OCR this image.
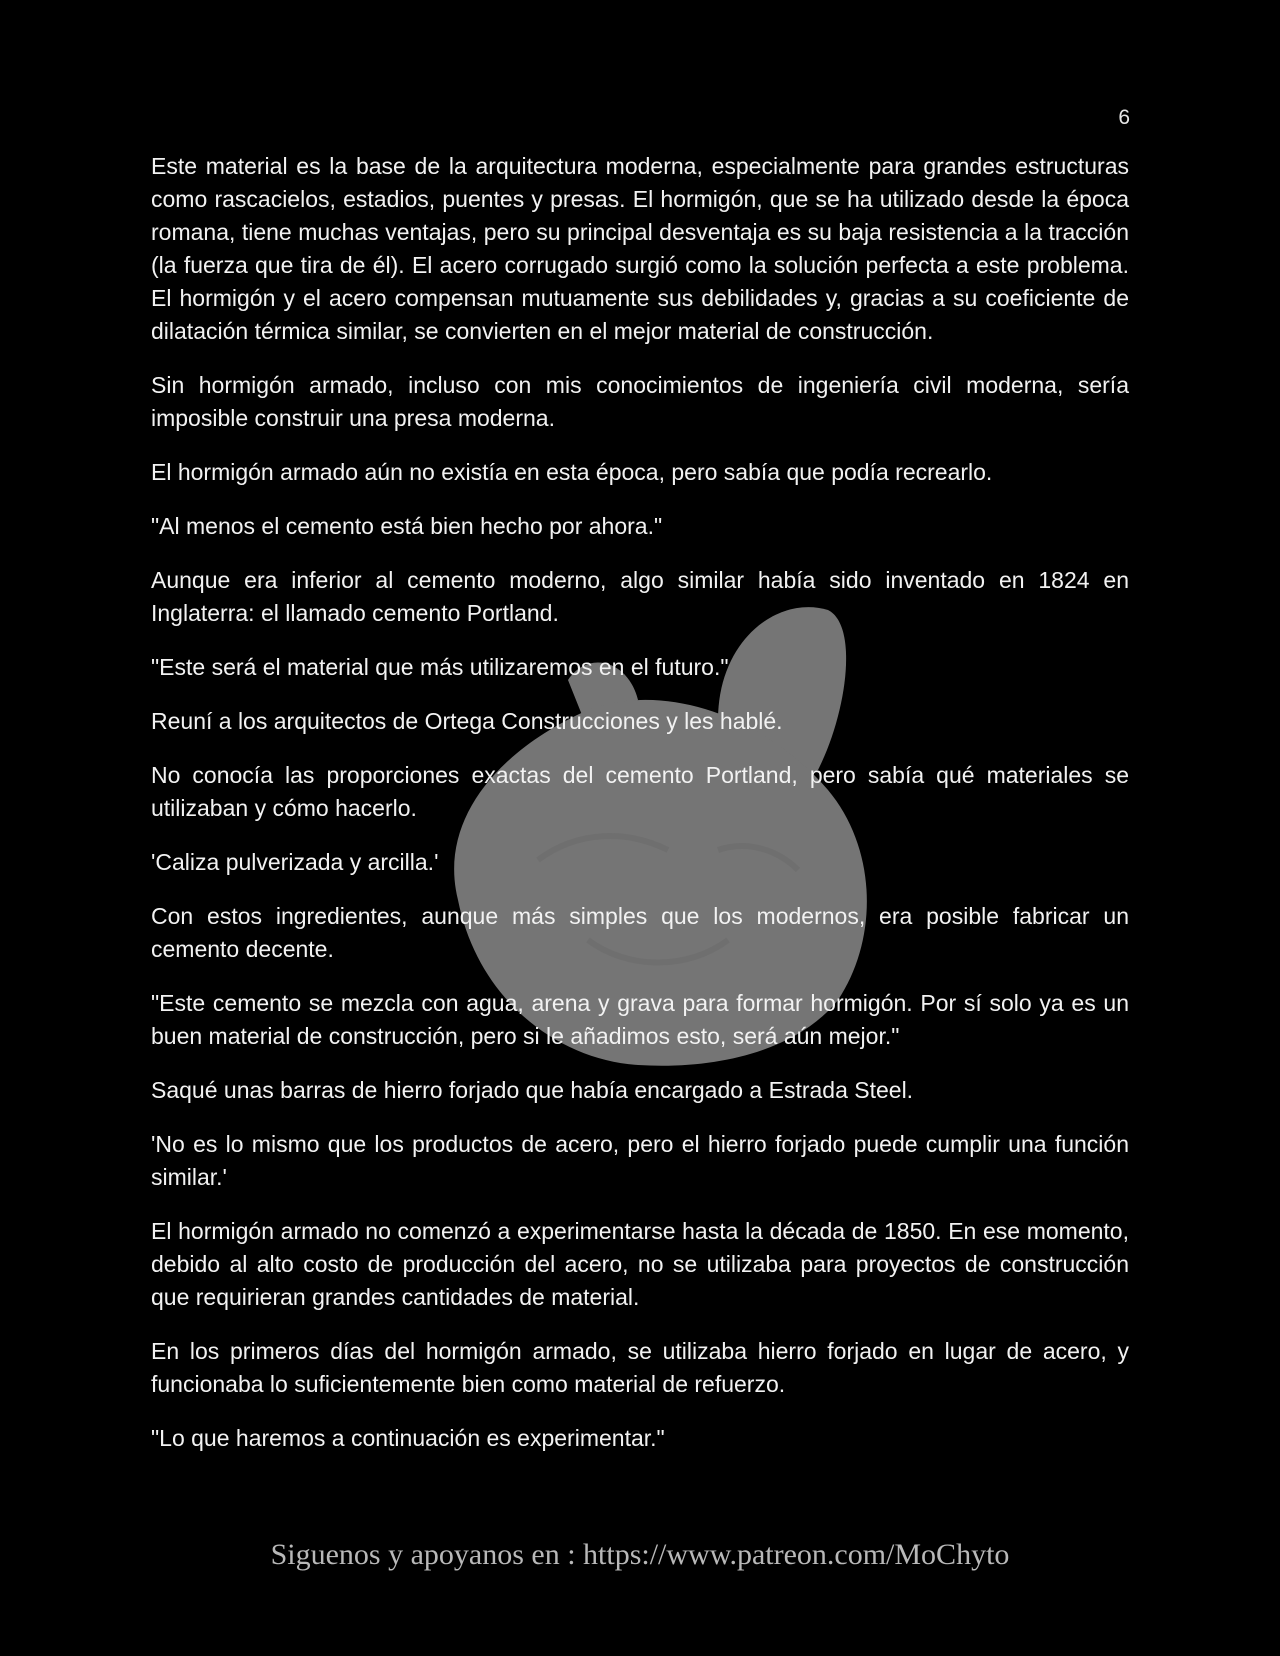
6

Este material es la base de la arquitectura moderna, especialmente para grandes estructuras como rascacielos, estadios, puentes y presas. El hormigón, que se ha utilizado desde la época romana, tiene muchas ventajas, pero su principal desventaja es su baja resistencia a la tracción (la fuerza que tira de él). El acero corrugado surgió como la solución perfecta a este problema. El hormigón y el acero compensan mutuamente sus debilidades y, gracias a su coeficiente de dilatación térmica similar, se convierten en el mejor material de construcción.

Sin hormigón armado, incluso con mis conocimientos de ingeniería civil moderna, sería imposible construir una presa moderna.

El hormigón armado aún no existía en esta época, pero sabía que podía recrearlo.

"Al menos el cemento está bien hecho por ahora."

Aunque era inferior al cemento moderno, algo similar había sido inventado en 1824 en Inglaterra: el llamado cemento Portland.

"Este será el material que más utilizaremos en el futuro."

Reuní a los arquitectos de Ortega Construcciones y les hablé.

No conocía las proporciones exactas del cemento Portland, pero sabía qué materiales se utilizaban y cómo hacerlo.

'Caliza pulverizada y arcilla.'

Con estos ingredientes, aunque más simples que los modernos, era posible fabricar un cemento decente.

"Este cemento se mezcla con agua, arena y grava para formar hormigón. Por sí solo ya es un buen material de construcción, pero si le añadimos esto, será aún mejor."

Saqué unas barras de hierro forjado que había encargado a Estrada Steel.

'No es lo mismo que los productos de acero, pero el hierro forjado puede cumplir una función similar.'

El hormigón armado no comenzó a experimentarse hasta la década de 1850. En ese momento, debido al alto costo de producción del acero, no se utilizaba para proyectos de construcción que requirieran grandes cantidades de material.

En los primeros días del hormigón armado, se utilizaba hierro forjado en lugar de acero, y funcionaba lo suficientemente bien como material de refuerzo.

"Lo que haremos a continuación es experimentar."

Siguenos y apoyanos en : https://www.patreon.com/MoChyto
